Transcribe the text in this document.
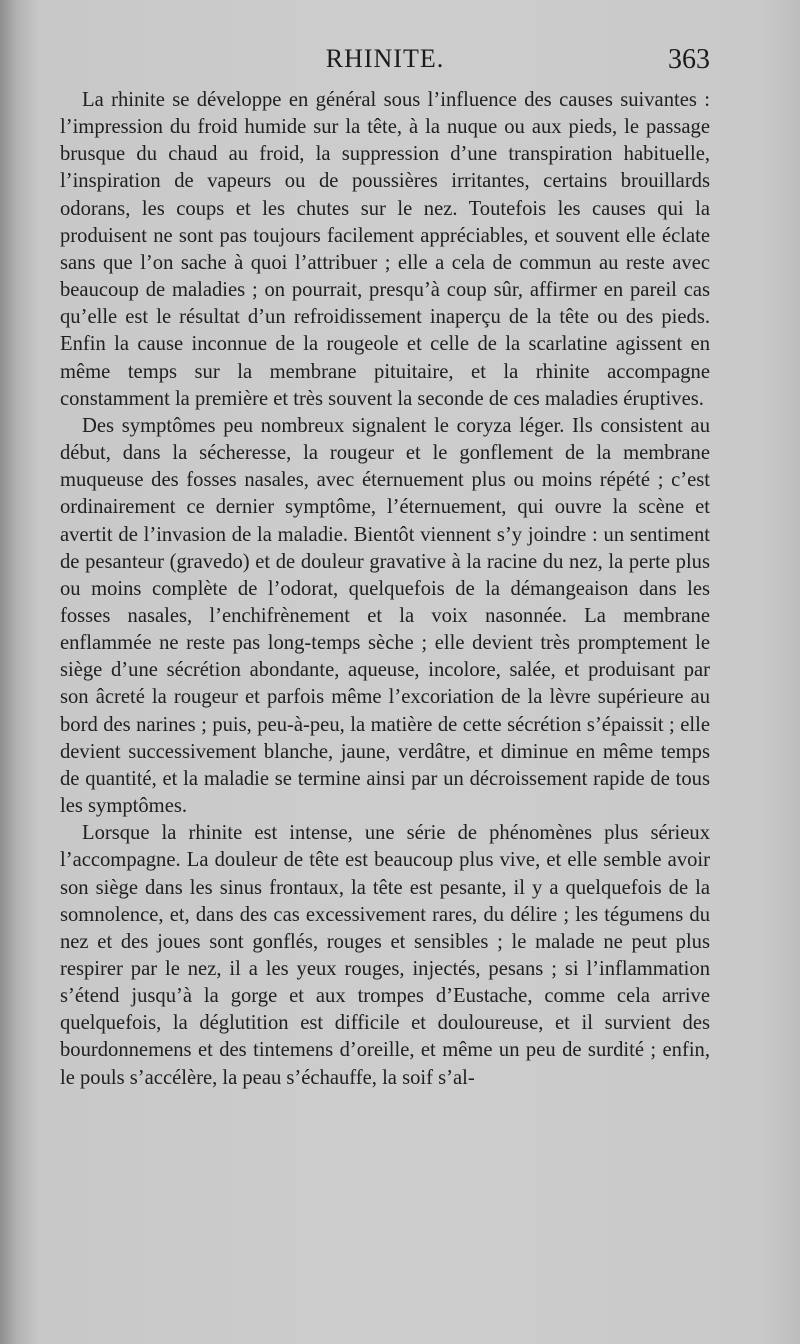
RHINITE.	363

La rhinite se développe en général sous l’influence des causes suivantes : l’impression du froid humide sur la tête, à la nuque ou aux pieds, le passage brusque du chaud au froid, la suppression d’une transpiration habituelle, l’inspiration de vapeurs ou de poussières irritantes, certains brouillards odorans, les coups et les chutes sur le nez. Toutefois les causes qui la produisent ne sont pas toujours facilement appréciables, et souvent elle éclate sans que l’on sache à quoi l’attribuer ; elle a cela de commun au reste avec beaucoup de maladies ; on pourrait, presqu’à coup sûr, affirmer en pareil cas qu’elle est le résultat d’un refroidissement inaperçu de la tête ou des pieds. Enfin la cause inconnue de la rougeole et celle de la scarlatine agissent en même temps sur la membrane pituitaire, et la rhinite accompagne constamment la première et très souvent la seconde de ces maladies éruptives.

Des symptômes peu nombreux signalent le coryza léger. Ils consistent au début, dans la sécheresse, la rougeur et le gonflement de la membrane muqueuse des fosses nasales, avec éternuement plus ou moins répété ; c’est ordinairement ce dernier symptôme, l’éternuement, qui ouvre la scène et avertit de l’invasion de la maladie. Bientôt viennent s’y joindre : un sentiment de pesanteur (gravedo) et de douleur gravative à la racine du nez, la perte plus ou moins complète de l’odorat, quelquefois de la démangeaison dans les fosses nasales, l’enchifrènement et la voix nasonnée. La membrane enflammée ne reste pas long-temps sèche ; elle devient très promptement le siège d’une sécrétion abondante, aqueuse, incolore, salée, et produisant par son âcreté la rougeur et parfois même l’excoriation de la lèvre supérieure au bord des narines ; puis, peu-à-peu, la matière de cette sécrétion s’épaissit ; elle devient successivement blanche, jaune, verdâtre, et diminue en même temps de quantité, et la maladie se termine ainsi par un décroissement rapide de tous les symptômes.

Lorsque la rhinite est intense, une série de phénomènes plus sérieux l’accompagne. La douleur de tête est beaucoup plus vive, et elle semble avoir son siège dans les sinus frontaux, la tête est pesante, il y a quelquefois de la somnolence, et, dans des cas excessivement rares, du délire ; les tégumens du nez et des joues sont gonflés, rouges et sensibles ; le malade ne peut plus respirer par le nez, il a les yeux rouges, injectés, pesans ; si l’inflammation s’étend jusqu’à la gorge et aux trompes d’Eustache, comme cela arrive quelquefois, la déglutition est difficile et douloureuse, et il survient des bourdonnemens et des tintemens d’oreille, et même un peu de surdité ; enfin, le pouls s’accélère, la peau s’échauffe, la soif s’al-
